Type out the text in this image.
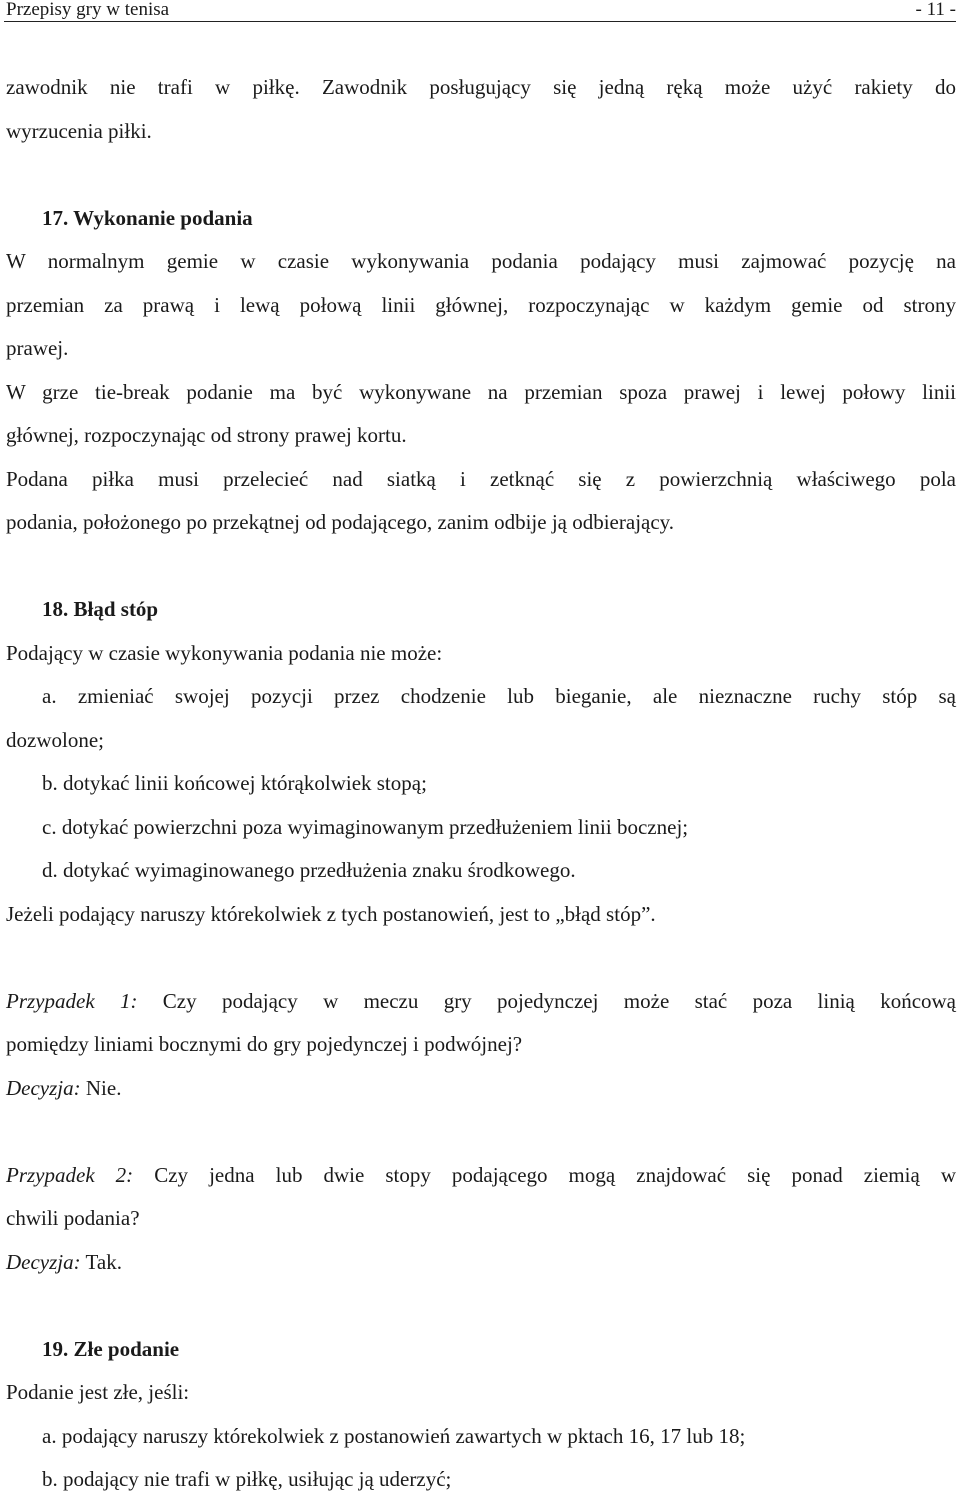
Przepisy gry w tenisa	- 11 -
zawodnik nie trafi w piłkę. Zawodnik posługujący się jedną ręką może użyć rakiety do
wyrzucenia piłki.
17. Wykonanie podania
W normalnym gemie w czasie wykonywania podania podający musi zajmować pozycję na
przemian za prawą i lewą połową linii głównej, rozpoczynając w każdym gemie od strony
prawej.
W grze tie-break podanie ma być wykonywane na przemian spoza prawej i lewej połowy linii
głównej, rozpoczynając od strony prawej kortu.
Podana piłka musi przelecieć nad siatką i zetknąć się z powierzchnią właściwego pola
podania, położonego po przekątnej od podającego, zanim odbije ją odbierający.
18. Błąd stóp
Podający w czasie wykonywania podania nie może:
a. zmieniać swojej pozycji przez chodzenie lub bieganie, ale nieznaczne ruchy stóp są
dozwolone;
b. dotykać linii końcowej którąkolwiek stopą;
c. dotykać powierzchni poza wyimaginowanym przedłużeniem linii bocznej;
d. dotykać wyimaginowanego przedłużenia znaku środkowego.
Jeżeli podający naruszy którekolwiek z tych postanowień, jest to „błąd stóp”.
Przypadek 1: Czy podający w meczu gry pojedynczej może stać poza linią końcową
pomiędzy liniami bocznymi do gry pojedynczej i podwójnej?
Decyzja: Nie.
Przypadek 2: Czy jedna lub dwie stopy podającego mogą znajdować się ponad ziemią w
chwili podania?
Decyzja: Tak.
19. Złe podanie
Podanie jest złe, jeśli:
a. podający naruszy którekolwiek z postanowień zawartych w pktach 16, 17 lub 18;
b. podający nie trafi w piłkę, usiłując ją uderzyć;
